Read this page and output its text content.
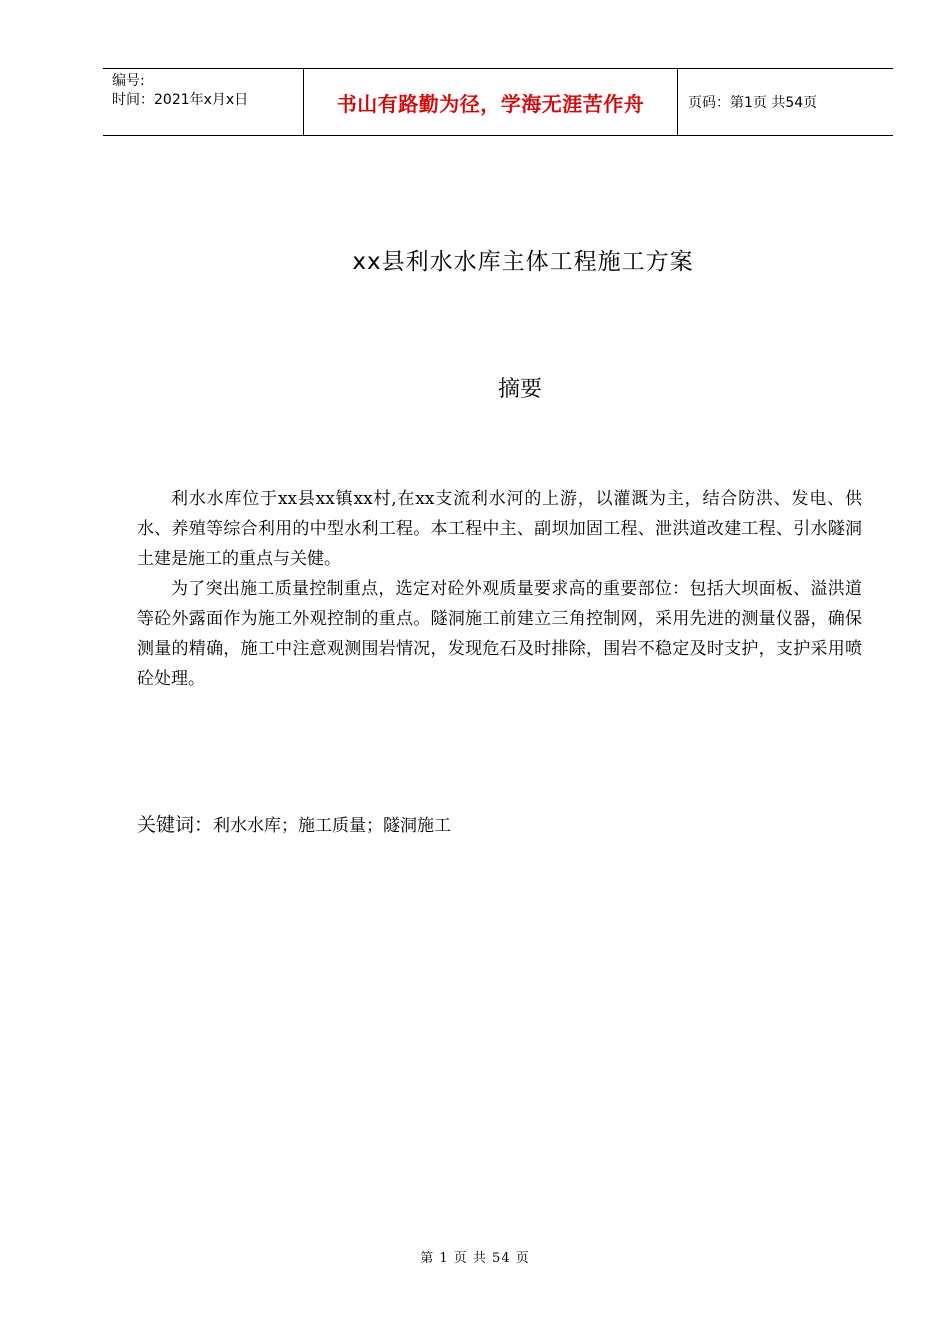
编号:
时间：2021年x月x日	书山有路勤为径，学海无涯苦作舟	页码：第1页 共54页
xx县利水水库主体工程施工方案
摘要

利水水库位于xx县xx镇xx村,在xx支流利水河的上游，以灌溉为主，结合防洪、发电、供水、养殖等综合利用的中型水利工程。本工程中主、副坝加固工程、泄洪道改建工程、引水隧洞土建是施工的重点与关健。

为了突出施工质量控制重点，选定对砼外观质量要求高的重要部位：包括大坝面板、溢洪道等砼外露面作为施工外观控制的重点。隧洞施工前建立三角控制网，采用先进的测量仪器，确保测量的精确，施工中注意观测围岩情况，发现危石及时排除，围岩不稳定及时支护，支护采用喷砼处理。

关键词：利水水库；施工质量；隧洞施工
第 1 页 共 54 页
